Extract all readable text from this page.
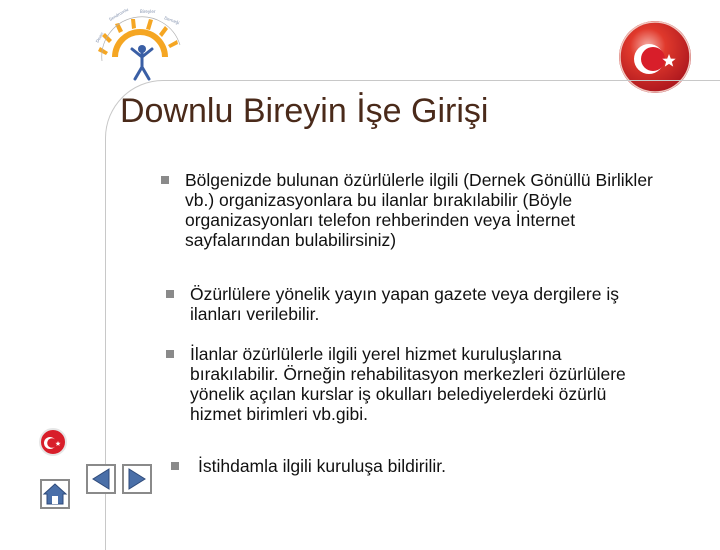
Down
Sendromlu	Bireyler
Derneği
Downlu Bireyin İşe Girişi
Bölgenizde bulunan özürlülerle ilgili (Dernek Gönüllü Birlikler vb.) organizasyonlara bu ilanlar bırakılabilir (Böyle organizasyonları telefon rehberinden veya İnternet sayfalarından bulabilirsiniz)
Özürlülere yönelik yayın yapan gazete veya dergilere iş ilanları verilebilir.
İlanlar özürlülerle ilgili yerel hizmet kuruluşlarına bırakılabilir. Örneğin rehabilitasyon merkezleri özürlülere yönelik açılan kurslar iş okulları belediyelerdeki özürlü hizmet birimleri vb.gibi.
İstihdamla ilgili kuruluşa bildirilir.
